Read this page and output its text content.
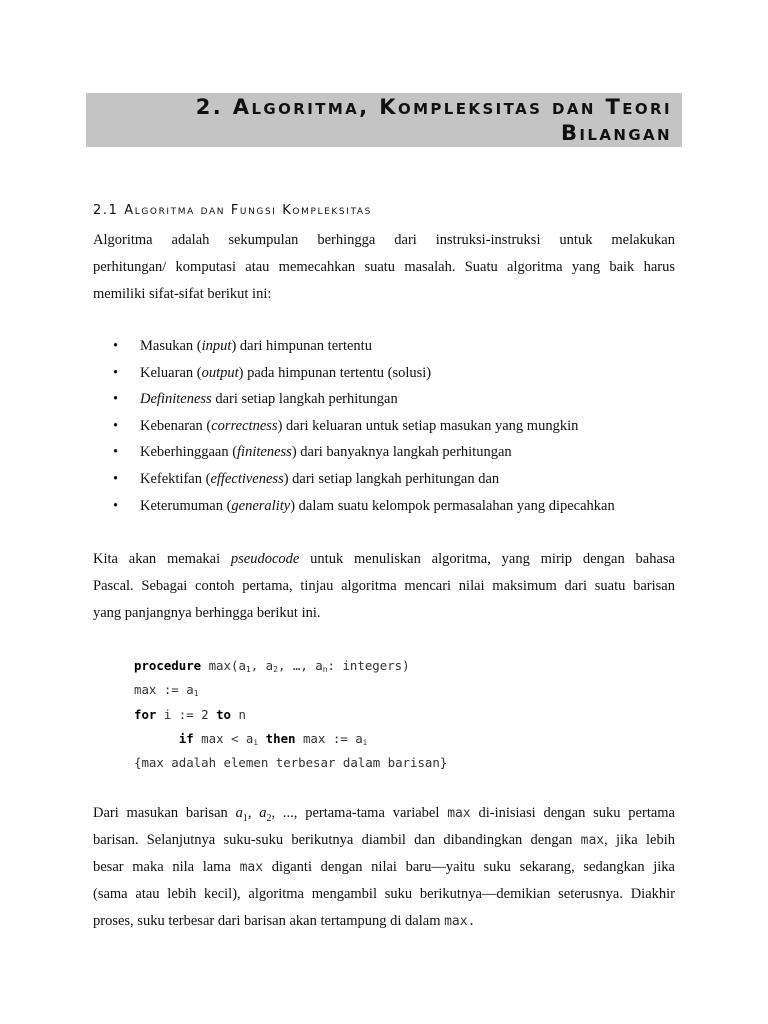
2. Algoritma, Kompleksitas dan Teori
Bilangan
2.1 Algoritma dan Fungsi Kompleksitas
Algoritma adalah sekumpulan berhingga dari instruksi-instruksi untuk melakukan
perhitungan/ komputasi atau memecahkan suatu masalah. Suatu algoritma yang baik harus
memiliki sifat-sifat berikut ini:
• Masukan (input) dari himpunan tertentu
• Keluaran (output) pada himpunan tertentu (solusi)
• Definiteness dari setiap langkah perhitungan
• Kebenaran (correctness) dari keluaran untuk setiap masukan yang mungkin
• Keberhinggaan (finiteness) dari banyaknya langkah perhitungan
• Kefektifan (effectiveness) dari setiap langkah perhitungan dan
• Keterumuman (generality) dalam suatu kelompok permasalahan yang dipecahkan
Kita akan memakai pseudocode untuk menuliskan algoritma, yang mirip dengan bahasa
Pascal. Sebagai contoh pertama, tinjau algoritma mencari nilai maksimum dari suatu barisan
yang panjangnya berhingga berikut ini.
procedure $\max(a_1$, $a_2$, …, $a_n$: integers)
max := $a_1$
for i := 2 to n
if $\max < a_i$ then max := $a_i$
{max adalah elemen terbesar dalam barisan}
Dari masukan barisan $a_1$, $a_2$, ..., pertama-tama variabel max di-inisiasi dengan suku pertama
barisan. Selanjutnya suku-suku berikutnya diambil dan dibandingkan dengan max, jika lebih
besar maka nila lama max diganti dengan nilai baru—yaitu suku sekarang, sedangkan jika
(sama atau lebih kecil), algoritma mengambil suku berikutnya—demikian seterusnya. Diakhir
proses, suku terbesar dari barisan akan tertampung di dalam max.
